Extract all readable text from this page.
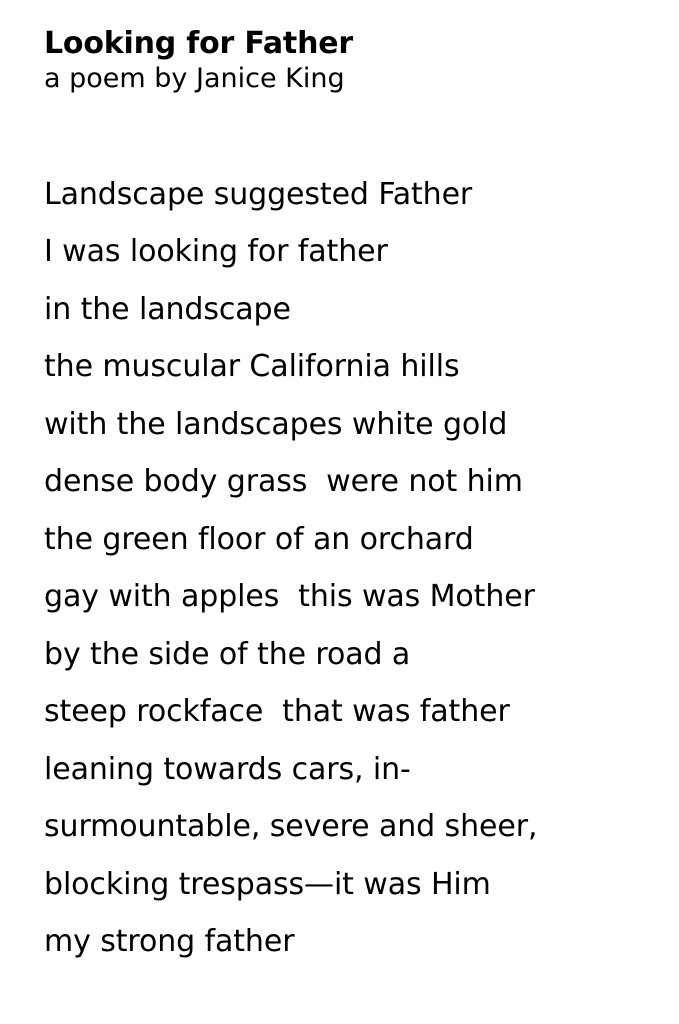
Looking for Father
a poem by Janice King
Landscape suggested Father
I was looking for father
in the landscape
the muscular California hills
with the landscapes white gold
dense body grass  were not him
the green floor of an orchard
gay with apples  this was Mother
by the side of the road a
steep rockface  that was father
leaning towards cars, in-
surmountable, severe and sheer,
blocking trespass—it was Him
my strong father
